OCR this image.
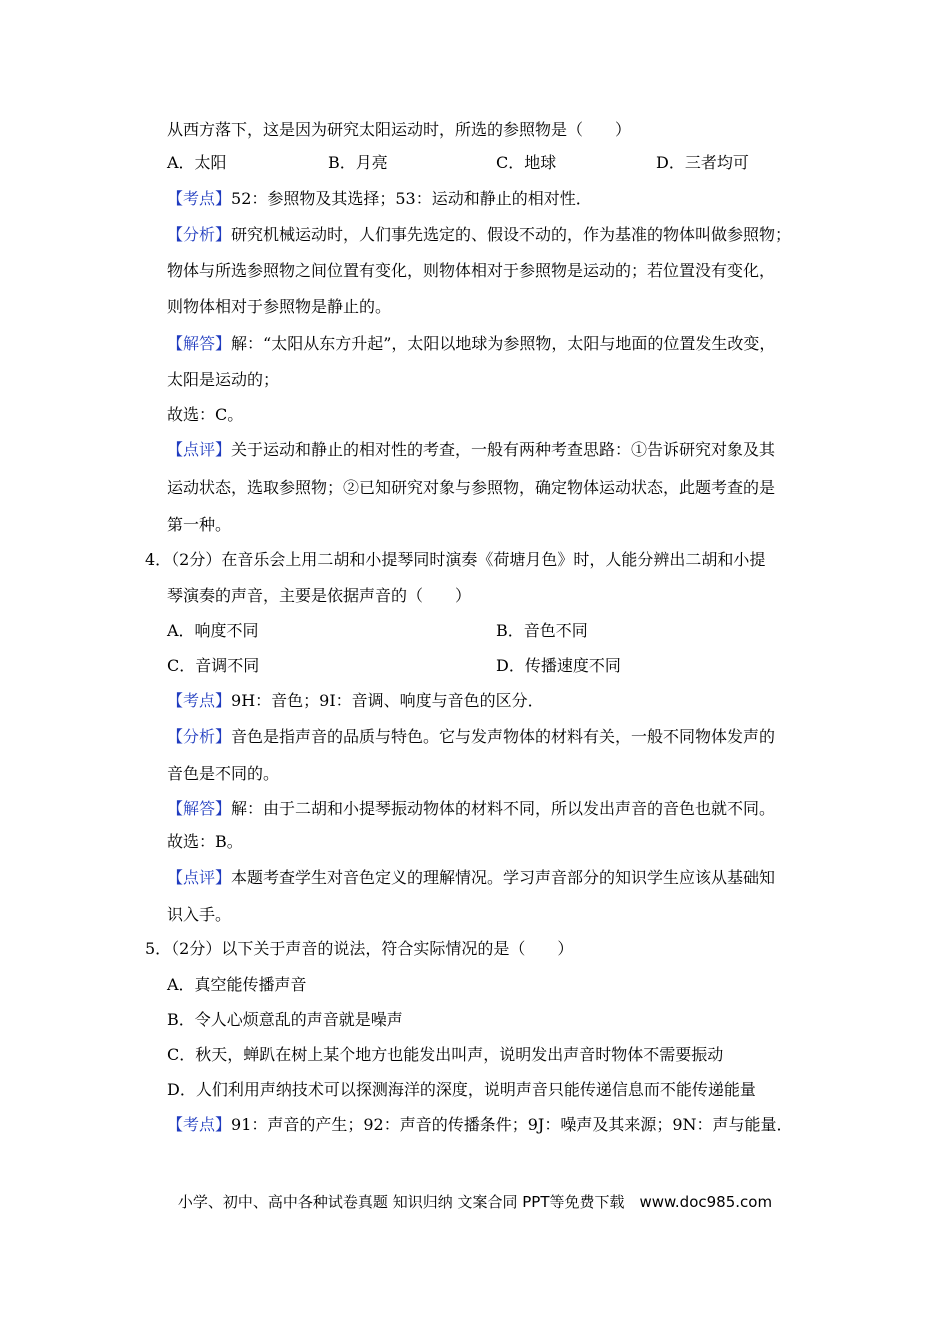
从西方落下，这是因为研究太阳运动时，所选的参照物是（　　）
A．太阳	B．月亮	C．地球	D．三者均可
【考点】52：参照物及其选择；53：运动和静止的相对性．
【分析】研究机械运动时，人们事先选定的、假设不动的，作为基准的物体叫做参照物；
物体与所选参照物之间位置有变化，则物体相对于参照物是运动的；若位置没有变化，
则物体相对于参照物是静止的。
【解答】解：“太阳从东方升起”，太阳以地球为参照物，太阳与地面的位置发生改变，
太阳是运动的；
故选：C。
【点评】关于运动和静止的相对性的考查，一般有两种考查思路：①告诉研究对象及其
运动状态，选取参照物；②已知研究对象与参照物，确定物体运动状态，此题考查的是
第一种。
4．（2分）在音乐会上用二胡和小提琴同时演奏《荷塘月色》时，人能分辨出二胡和小提
琴演奏的声音，主要是依据声音的（　　）
A．响度不同	B．音色不同
C．音调不同	D．传播速度不同
【考点】9H：音色；9I：音调、响度与音色的区分．
【分析】音色是指声音的品质与特色。它与发声物体的材料有关，一般不同物体发声的
音色是不同的。
【解答】解：由于二胡和小提琴振动物体的材料不同，所以发出声音的音色也就不同。
故选：B。
【点评】本题考查学生对音色定义的理解情况。学习声音部分的知识学生应该从基础知
识入手。
5．（2分）以下关于声音的说法，符合实际情况的是（　　）
A．真空能传播声音
B．令人心烦意乱的声音就是噪声
C．秋天，蝉趴在树上某个地方也能发出叫声，说明发出声音时物体不需要振动
D．人们利用声纳技术可以探测海洋的深度，说明声音只能传递信息而不能传递能量
【考点】91：声音的产生；92：声音的传播条件；9J：噪声及其来源；9N：声与能量．
小学、初中、高中各种试卷真题 知识归纳 文案合同 PPT等免费下载　www.doc985.com
